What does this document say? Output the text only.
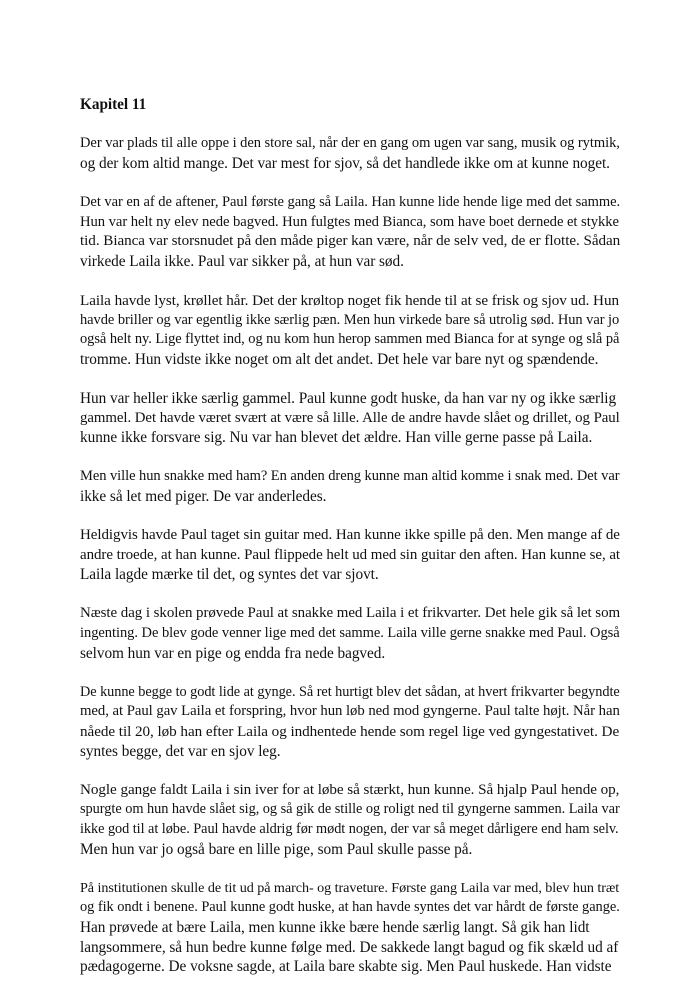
Kapitel 11
Der var plads til alle oppe i den store sal, når der en gang om ugen var sang, musik og rytmik,
og der kom altid mange. Det var mest for sjov, så det handlede ikke om at kunne noget.
Det var en af de aftener, Paul første gang så Laila. Han kunne lide hende lige med det samme.
Hun var helt ny elev nede bagved. Hun fulgtes med Bianca, som have boet dernede et stykke
tid. Bianca var storsnudet på den måde piger kan være, når de selv ved, de er flotte. Sådan
virkede Laila ikke. Paul var sikker på, at hun var sød.
Laila havde lyst, krøllet hår. Det der krøltop noget fik hende til at se frisk og sjov ud. Hun
havde briller og var egentlig ikke særlig pæn. Men hun virkede bare så utrolig sød. Hun var jo
også helt ny. Lige flyttet ind, og nu kom hun herop sammen med Bianca for at synge og slå på
tromme. Hun vidste ikke noget om alt det andet. Det hele var bare nyt og spændende.
Hun var heller ikke særlig gammel. Paul kunne godt huske, da han var ny og ikke særlig
gammel. Det havde været svært at være så lille. Alle de andre havde slået og drillet, og Paul
kunne ikke forsvare sig. Nu var han blevet det ældre. Han ville gerne passe på Laila.
Men ville hun snakke med ham? En anden dreng kunne man altid komme i snak med. Det var
ikke så let med piger. De var anderledes.
Heldigvis havde Paul taget sin guitar med. Han kunne ikke spille på den. Men mange af de
andre troede, at han kunne. Paul flippede helt ud med sin guitar den aften. Han kunne se, at
Laila lagde mærke til det, og syntes det var sjovt.
Næste dag i skolen prøvede Paul at snakke med Laila i et frikvarter. Det hele gik så let som
ingenting. De blev gode venner lige med det samme. Laila ville gerne snakke med Paul. Også
selvom hun var en pige og endda fra nede bagved.
De kunne begge to godt lide at gynge. Så ret hurtigt blev det sådan, at hvert frikvarter begyndte
med, at Paul gav Laila et forspring, hvor hun løb ned mod gyngerne. Paul talte højt. Når han
nåede til 20, løb han efter Laila og indhentede hende som regel lige ved gyngestativet. De
syntes begge, det var en sjov leg.
Nogle gange faldt Laila i sin iver for at løbe så stærkt, hun kunne. Så hjalp Paul hende op,
spurgte om hun havde slået sig, og så gik de stille og roligt ned til gyngerne sammen. Laila var
ikke god til at løbe. Paul havde aldrig før mødt nogen, der var så meget dårligere end ham selv.
Men hun var jo også bare en lille pige, som Paul skulle passe på.
På institutionen skulle de tit ud på march- og traveture. Første gang Laila var med, blev hun træt
og fik ondt i benene. Paul kunne godt huske, at han havde syntes det var hårdt de første gange.
Han prøvede at bære Laila, men kunne ikke bære hende særlig langt. Så gik han lidt
langsommere, så hun bedre kunne følge med. De sakkede langt bagud og fik skæld ud af
pædagogerne. De voksne sagde, at Laila bare skabte sig. Men Paul huskede. Han vidste
